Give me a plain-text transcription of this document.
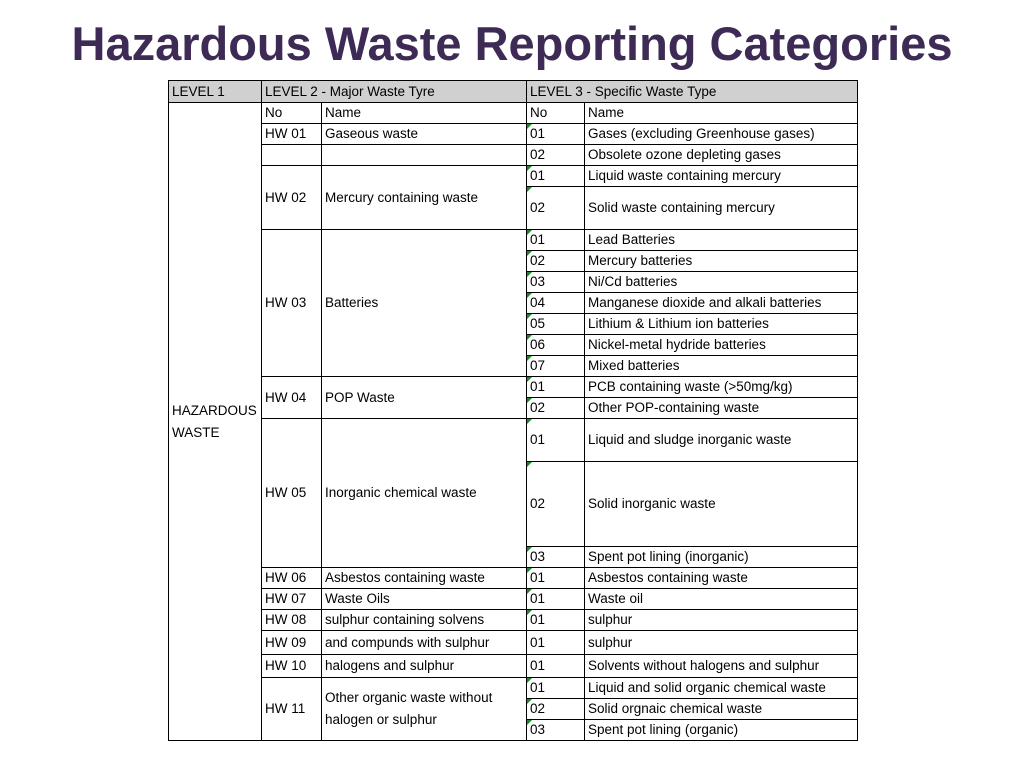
Hazardous Waste Reporting Categories
LEVEL 1	LEVEL 2 - Major Waste Tyre		LEVEL 3 - Specific Waste Type	
HAZARDOUS WASTE	No	Name	No	Name
	HW 01	Gaseous waste	01	Gases (excluding Greenhouse gases)
			02	Obsolete ozone depleting gases
	HW 02	Mercury containing waste	01	Liquid waste containing mercury
			02	Solid waste containing mercury
	HW 03	Batteries	01	Lead Batteries
			02	Mercury batteries
			03	Ni/Cd batteries
			04	Manganese dioxide and alkali batteries
			05	Lithium & Lithium ion batteries
			06	Nickel-metal hydride batteries
			07	Mixed batteries
	HW 04	POP Waste	01	PCB containing waste (>50mg/kg)
			02	Other POP-containing waste
	HW 05	Inorganic chemical waste	01	Liquid and sludge inorganic waste
			02	Solid inorganic waste
			03	Spent pot lining (inorganic)
	HW 06	Asbestos containing waste	01	Asbestos containing waste
	HW 07	Waste Oils	01	Waste oil
	HW 08	sulphur containing solvens	01	sulphur
	HW 09	and compunds with sulphur	01	sulphur
	HW 10	halogens and sulphur	01	Solvents without halogens and sulphur
	HW 11	Other organic waste without halogen or sulphur	01	Liquid and solid organic chemical waste
			02	Solid orgnaic chemical waste
			03	Spent pot lining (organic)
